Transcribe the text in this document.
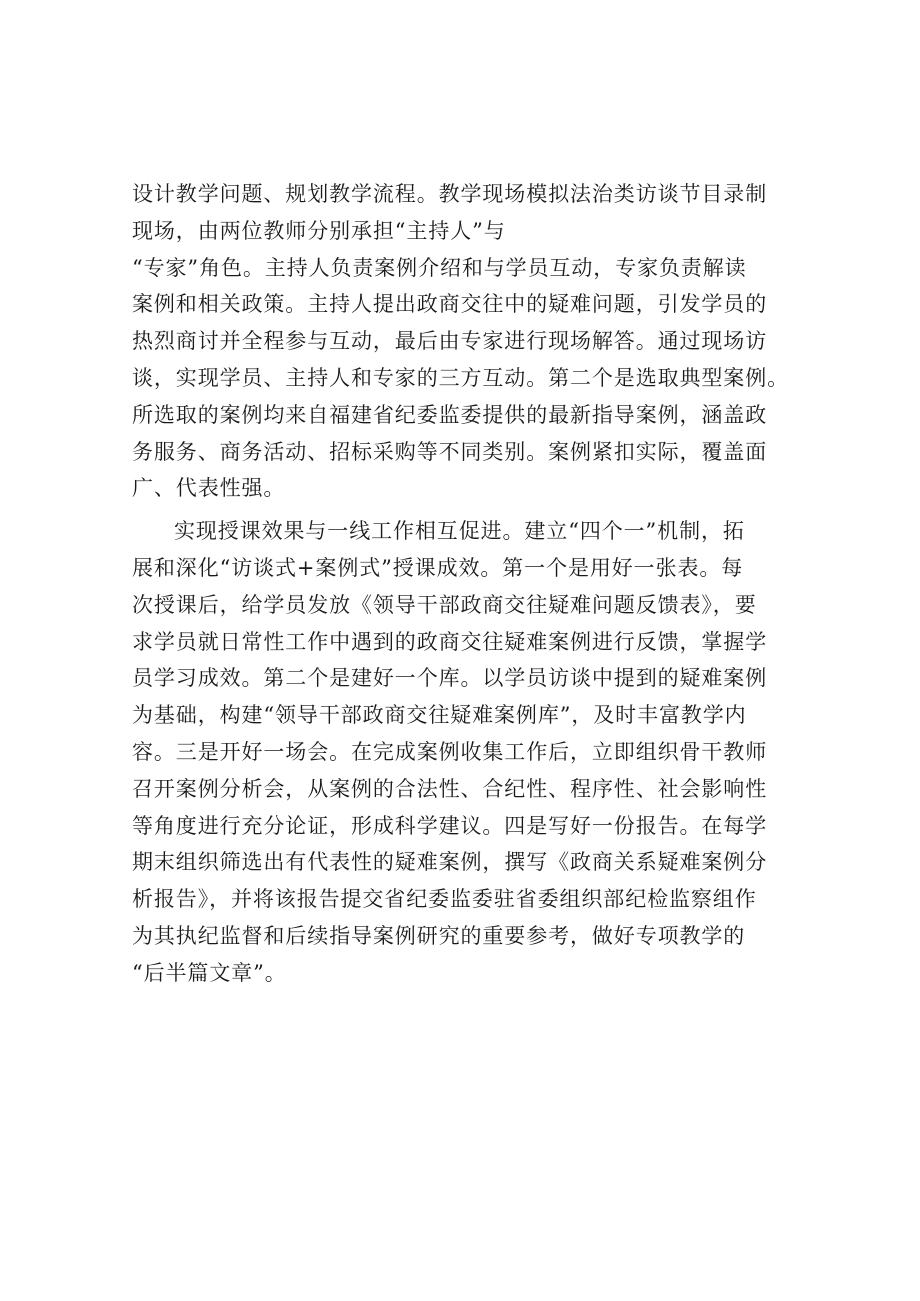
设计教学问题、规划教学流程。教学现场模拟法治类访谈节目录制
现场，由两位教师分别承担“主持人”与
“专家”角色。主持人负责案例介绍和与学员互动，专家负责解读
案例和相关政策。主持人提出政商交往中的疑难问题，引发学员的
热烈商讨并全程参与互动，最后由专家进行现场解答。通过现场访
谈，实现学员、主持人和专家的三方互动。第二个是选取典型案例。
所选取的案例均来自福建省纪委监委提供的最新指导案例，涵盖政
务服务、商务活动、招标采购等不同类别。案例紧扣实际，覆盖面
广、代表性强。
实现授课效果与一线工作相互促进。建立“四个一”机制，拓
展和深化“访谈式+案例式”授课成效。第一个是用好一张表。每
次授课后，给学员发放《领导干部政商交往疑难问题反馈表》，要
求学员就日常性工作中遇到的政商交往疑难案例进行反馈，掌握学
员学习成效。第二个是建好一个库。以学员访谈中提到的疑难案例
为基础，构建“领导干部政商交往疑难案例库”，及时丰富教学内
容。三是开好一场会。在完成案例收集工作后，立即组织骨干教师
召开案例分析会，从案例的合法性、合纪性、程序性、社会影响性
等角度进行充分论证，形成科学建议。四是写好一份报告。在每学
期末组织筛选出有代表性的疑难案例，撰写《政商关系疑难案例分
析报告》，并将该报告提交省纪委监委驻省委组织部纪检监察组作
为其执纪监督和后续指导案例研究的重要参考，做好专项教学的
“后半篇文章”。
